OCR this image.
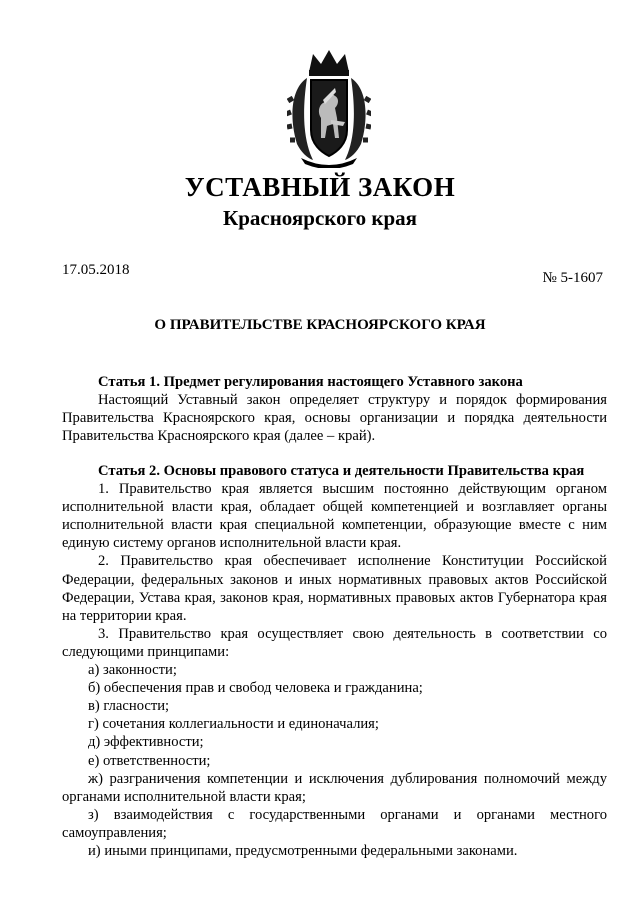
УСТАВНЫЙ ЗАКОН
Красноярского края
17.05.2018	№ 5-1607
О ПРАВИТЕЛЬСТВЕ КРАСНОЯРСКОГО КРАЯ

Статья 1. Предмет регулирования настоящего Уставного закона

Настоящий Уставный закон определяет структуру и порядок формирования Правительства Красноярского края, основы организации и порядка деятельности Правительства Красноярского края (далее – край).

Статья 2. Основы правового статуса и деятельности Правительства края

1. Правительство края является высшим постоянно действующим органом исполнительной власти края, обладает общей компетенцией и возглавляет органы исполнительной власти края специальной компетенции, образующие вместе с ним единую систему органов исполнительной власти края.

2. Правительство края обеспечивает исполнение Конституции Российской Федерации, федеральных законов и иных нормативных правовых актов Российской Федерации, Устава края, законов края, нормативных правовых актов Губернатора края на территории края.

3. Правительство края осуществляет свою деятельность в соответствии со следующими принципами:

а) законности;

б) обеспечения прав и свобод человека и гражданина;

в) гласности;

г) сочетания коллегиальности и единоначалия;

д) эффективности;

е) ответственности;

ж) разграничения компетенции и исключения дублирования полномочий между органами исполнительной власти края;

з) взаимодействия с государственными органами и органами местного самоуправления;

и) иными принципами, предусмотренными федеральными законами.
